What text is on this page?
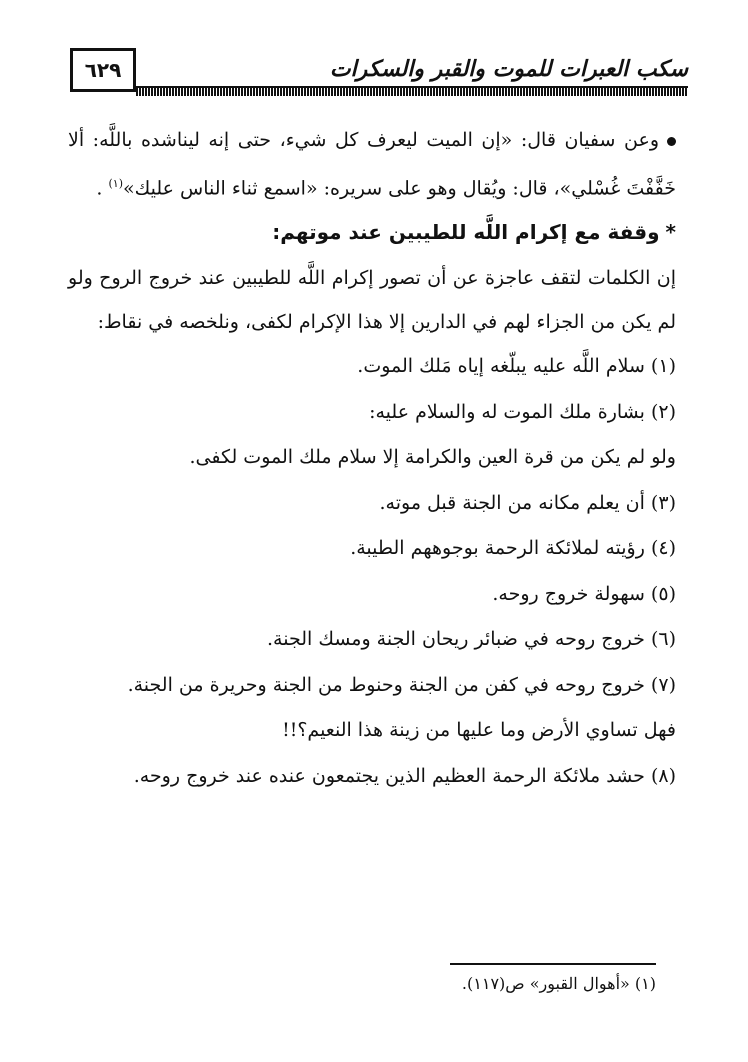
٦٢٩	سكب العبرات للموت والقبر والسكرات

وعن سفيان قال: «إن الميت ليعرف كل شيء، حتى إنه ليناشده باللَّه: ألا خَفَّفْتَ غُسْلي»، قال: ويُقال وهو على سريره: «اسمع ثناء الناس عليك»$^{(١)}$ .

*وقفة مع إكرام اللَّه للطيبين عند موتهم:

إن الكلمات لتقف عاجزة عن أن تصور إكرام اللَّه للطيبين عند خروج الروح ولو لم يكن من الجزاء لهم في الدارين إلا هذا الإكرام لكفى، ونلخصه في نقاط:

(١) سلام اللَّه عليه يبلّغه إياه مَلك الموت.

(٢) بشارة ملك الموت له والسلام عليه:

ولو لم يكن من قرة العين والكرامة إلا سلام ملك الموت لكفى.

(٣) أن يعلم مكانه من الجنة قبل موته.

(٤) رؤيته لملائكة الرحمة بوجوههم الطيبة.

(٥) سهولة خروج روحه.

(٦) خروج روحه في ضبائر ريحان الجنة ومسك الجنة.

(٧) خروج روحه في كفن من الجنة وحنوط من الجنة وحريرة من الجنة.

فهل تساوي الأرض وما عليها من زينة هذا النعيم؟!!

(٨) حشد ملائكة الرحمة العظيم الذين يجتمعون عنده عند خروج روحه.

(١) «أهوال القبور» ص(١١٧).
